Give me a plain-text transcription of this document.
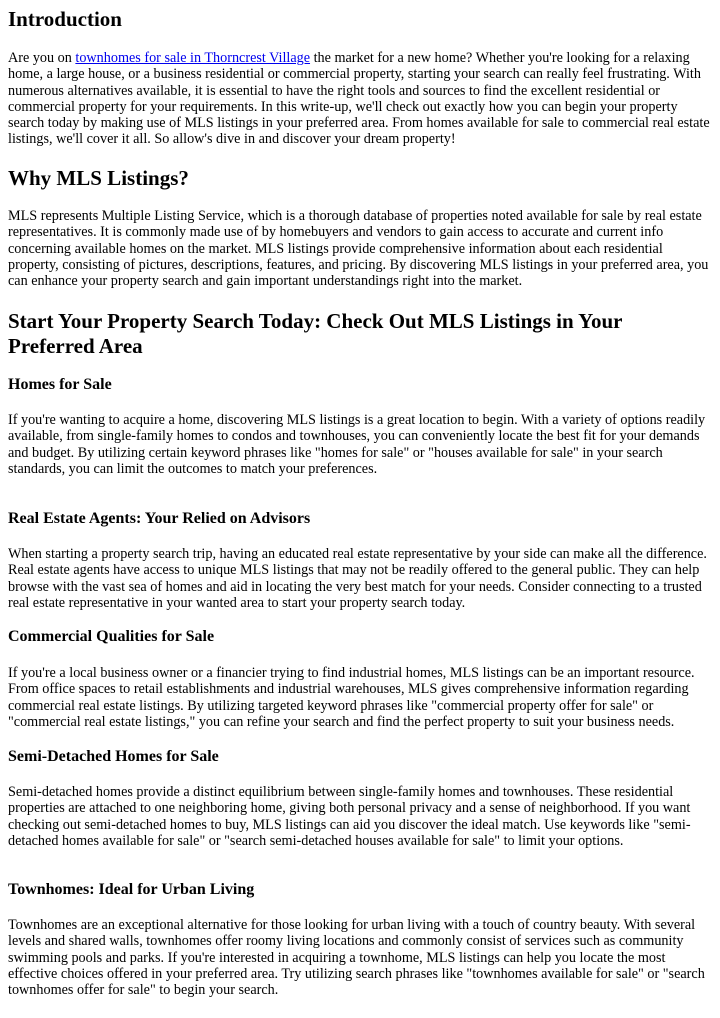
Introduction

Are you on townhomes for sale in Thorncrest Village the market for a new home? Whether you're looking for a relaxing home, a large house, or a business residential or commercial property, starting your search can really feel frustrating. With numerous alternatives available, it is essential to have the right tools and sources to find the excellent residential or commercial property for your requirements. In this write-up, we'll check out exactly how you can begin your property search today by making use of MLS listings in your preferred area. From homes available for sale to commercial real estate listings, we'll cover it all. So allow's dive in and discover your dream property!

Why MLS Listings?

MLS represents Multiple Listing Service, which is a thorough database of properties noted available for sale by real estate representatives. It is commonly made use of by homebuyers and vendors to gain access to accurate and current info concerning available homes on the market. MLS listings provide comprehensive information about each residential property, consisting of pictures, descriptions, features, and pricing. By discovering MLS listings in your preferred area, you can enhance your property search and gain important understandings right into the market.

Start Your Property Search Today: Check Out MLS Listings in Your Preferred Area
Homes for Sale

If you're wanting to acquire a home, discovering MLS listings is a great location to begin. With a variety of options readily available, from single-family homes to condos and townhouses, you can conveniently locate the best fit for your demands and budget. By utilizing certain keyword phrases like "homes for sale" or "houses available for sale" in your search standards, you can limit the outcomes to match your preferences.

Real Estate Agents: Your Relied on Advisors

When starting a property search trip, having an educated real estate representative by your side can make all the difference. Real estate agents have access to unique MLS listings that may not be readily offered to the general public. They can help browse with the vast sea of homes and aid in locating the very best match for your needs. Consider connecting to a trusted real estate representative in your wanted area to start your property search today.

Commercial Qualities for Sale

If you're a local business owner or a financier trying to find industrial homes, MLS listings can be an important resource. From office spaces to retail establishments and industrial warehouses, MLS gives comprehensive information regarding commercial real estate listings. By utilizing targeted keyword phrases like "commercial property offer for sale" or "commercial real estate listings," you can refine your search and find the perfect property to suit your business needs.

Semi-Detached Homes for Sale

Semi-detached homes provide a distinct equilibrium between single-family homes and townhouses. These residential properties are attached to one neighboring home, giving both personal privacy and a sense of neighborhood. If you want checking out semi-detached homes to buy, MLS listings can aid you discover the ideal match. Use keywords like "semi-detached homes available for sale" or "search semi-detached houses available for sale" to limit your options.

Townhomes: Ideal for Urban Living

Townhomes are an exceptional alternative for those looking for urban living with a touch of country beauty. With several levels and shared walls, townhomes offer roomy living locations and commonly consist of services such as community swimming pools and parks. If you're interested in acquiring a townhome, MLS listings can help you locate the most effective choices offered in your preferred area. Try utilizing search phrases like "townhomes available for sale" or "search townhomes offer for sale" to begin your search.
